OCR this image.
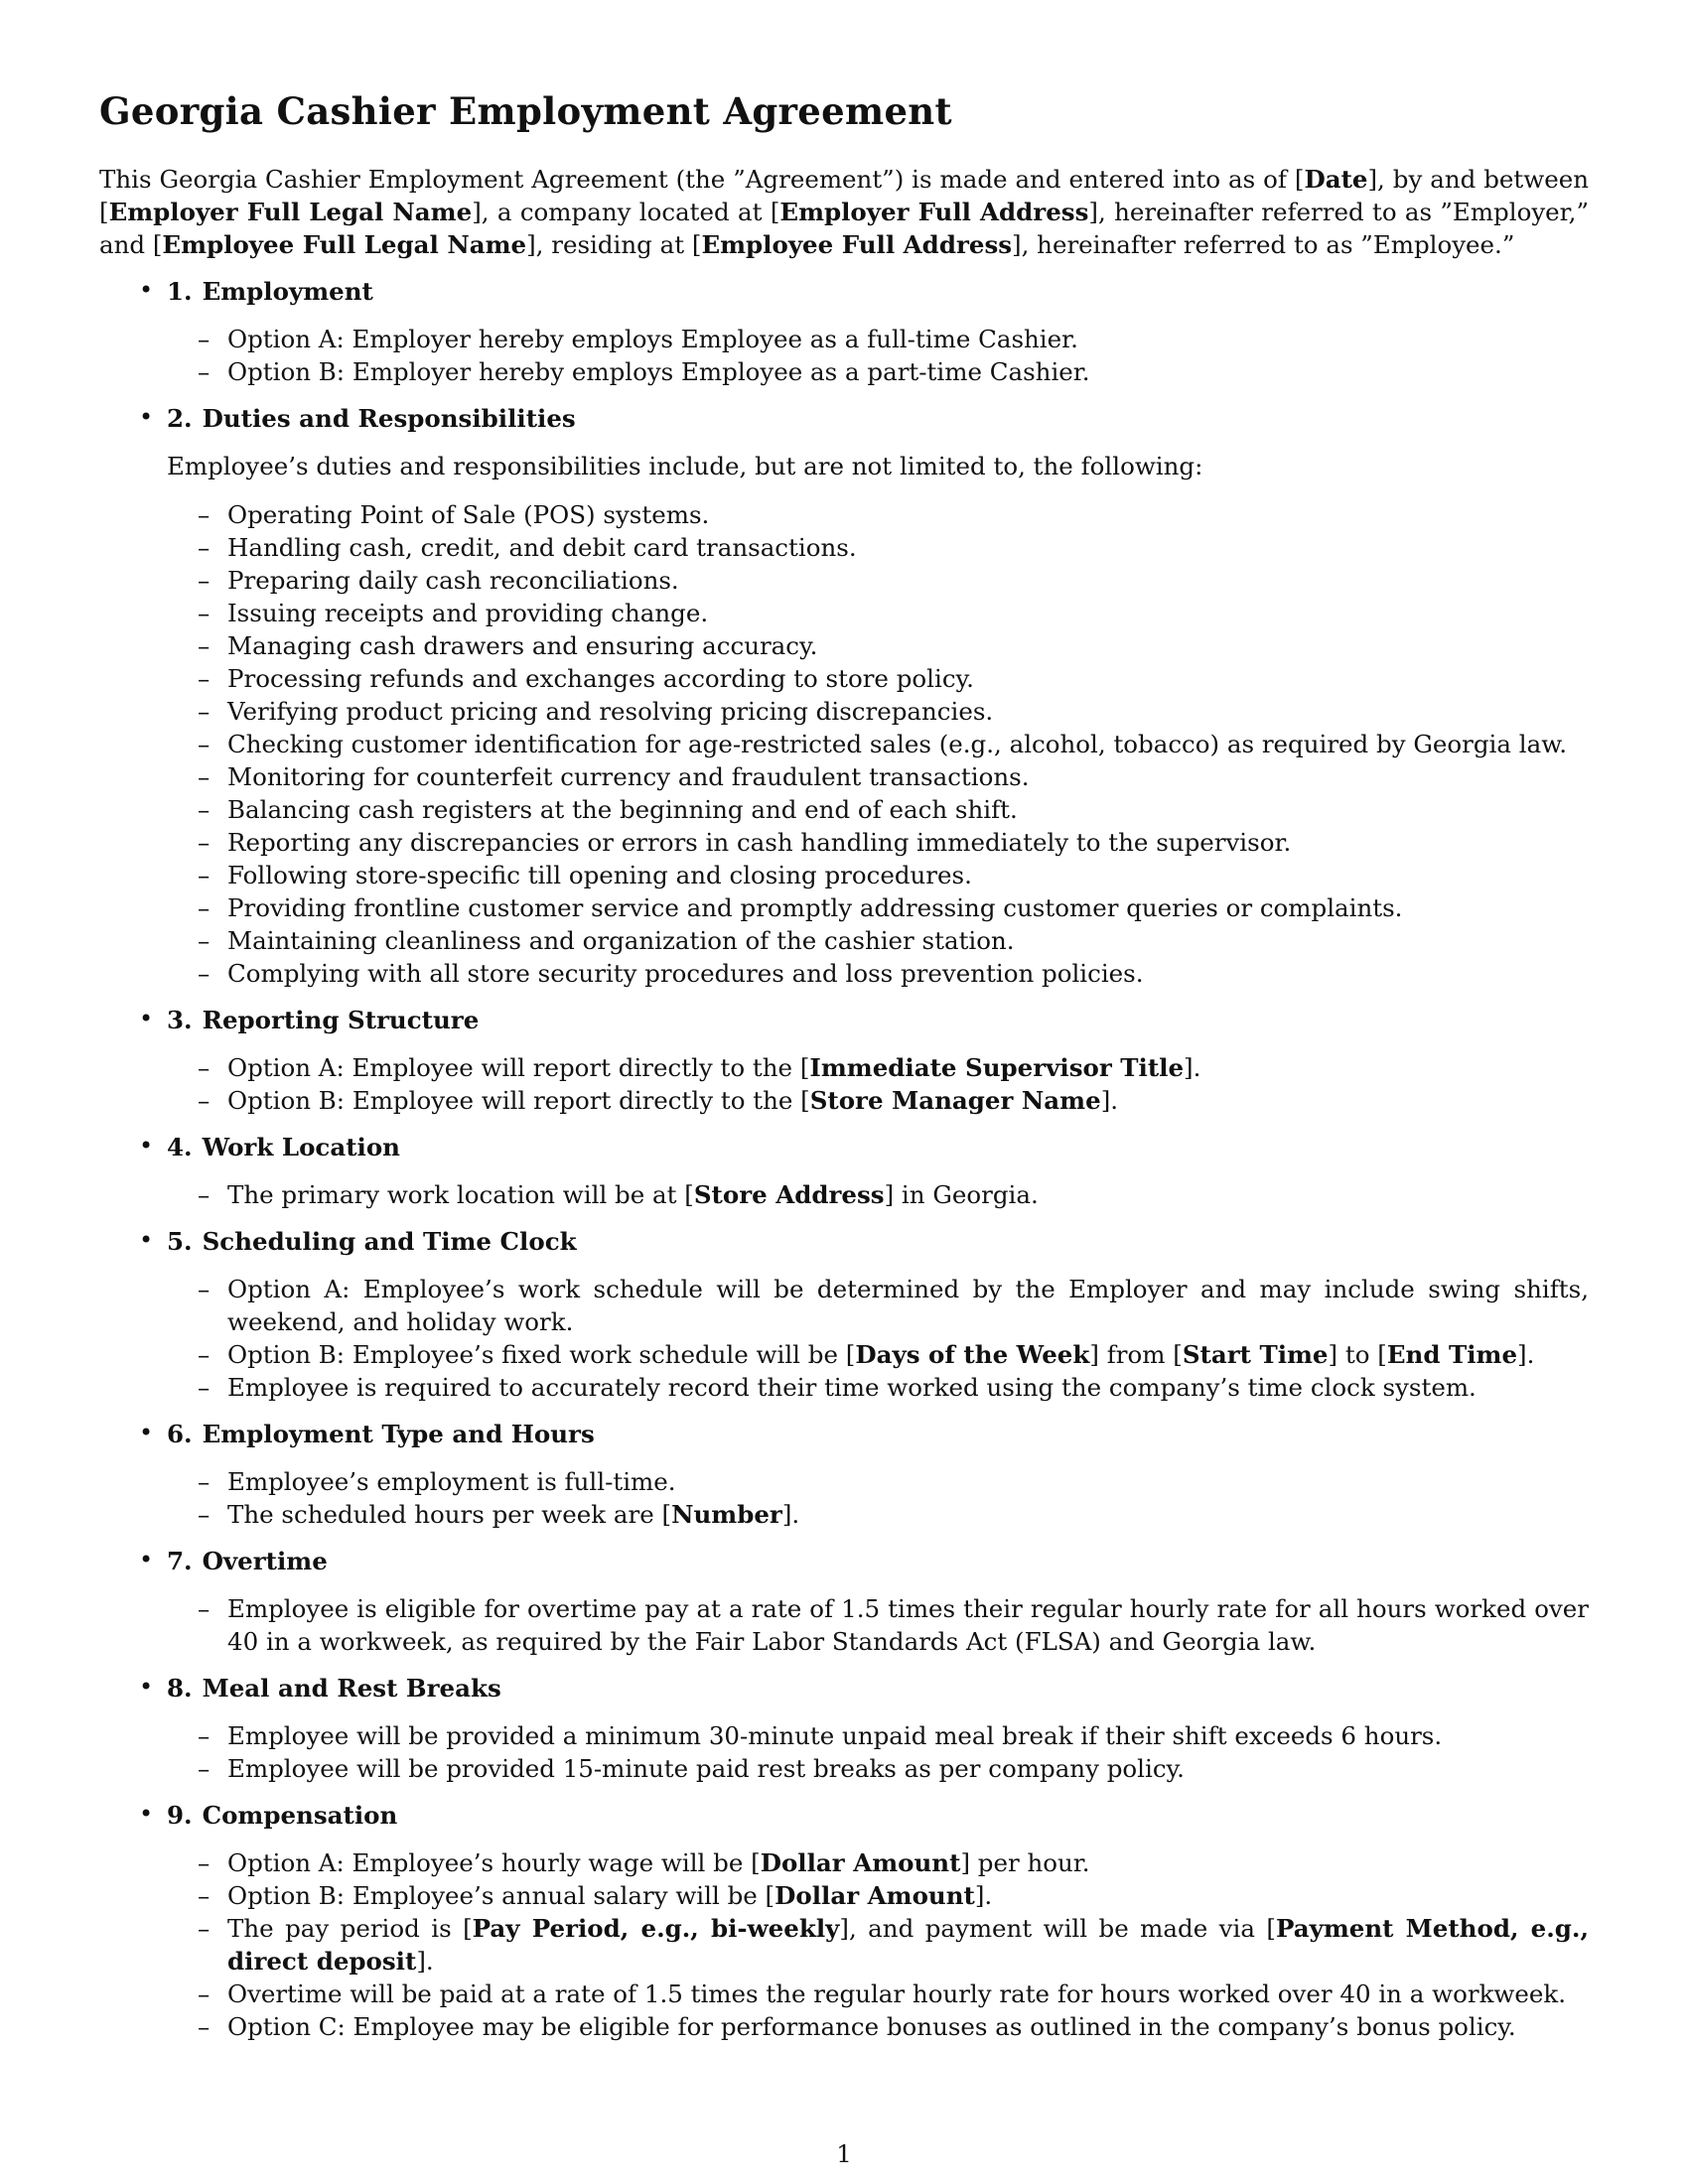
Georgia Cashier Employment Agreement

This Georgia Cashier Employment Agreement (the ”Agreement”) is made and entered into as of [Date], by and between [Employer Full Legal Name], a company located at [Employer Full Address], hereinafter referred to as ”Employer,” and [Employee Full Legal Name], residing at [Employee Full Address], hereinafter referred to as ”Employee.”

• 1. Employment
– Option A: Employer hereby employs Employee as a full-time Cashier.
– Option B: Employer hereby employs Employee as a part-time Cashier.
• 2. Duties and Responsibilities
Employee’s duties and responsibilities include, but are not limited to, the following:
– Operating Point of Sale (POS) systems.
– Handling cash, credit, and debit card transactions.
– Preparing daily cash reconciliations.
– Issuing receipts and providing change.
– Managing cash drawers and ensuring accuracy.
– Processing refunds and exchanges according to store policy.
– Verifying product pricing and resolving pricing discrepancies.
– Checking customer identification for age-restricted sales (e.g., alcohol, tobacco) as required by Georgia law.
– Monitoring for counterfeit currency and fraudulent transactions.
– Balancing cash registers at the beginning and end of each shift.
– Reporting any discrepancies or errors in cash handling immediately to the supervisor.
– Following store-specific till opening and closing procedures.
– Providing frontline customer service and promptly addressing customer queries or complaints.
– Maintaining cleanliness and organization of the cashier station.
– Complying with all store security procedures and loss prevention policies.
• 3. Reporting Structure
– Option A: Employee will report directly to the [Immediate Supervisor Title].
– Option B: Employee will report directly to the [Store Manager Name].
• 4. Work Location
– The primary work location will be at [Store Address] in Georgia.
• 5. Scheduling and Time Clock
– Option A: Employee’s work schedule will be determined by the Employer and may include swing shifts, weekend, and holiday work.
– Option B: Employee’s fixed work schedule will be [Days of the Week] from [Start Time] to [End Time].
– Employee is required to accurately record their time worked using the company’s time clock system.
• 6. Employment Type and Hours
– Employee’s employment is full-time.
– The scheduled hours per week are [Number].
• 7. Overtime
– Employee is eligible for overtime pay at a rate of 1.5 times their regular hourly rate for all hours worked over 40 in a workweek, as required by the Fair Labor Standards Act (FLSA) and Georgia law.
• 8. Meal and Rest Breaks
– Employee will be provided a minimum 30-minute unpaid meal break if their shift exceeds 6 hours.
– Employee will be provided 15-minute paid rest breaks as per company policy.
• 9. Compensation
– Option A: Employee’s hourly wage will be [Dollar Amount] per hour.
– Option B: Employee’s annual salary will be [Dollar Amount].
– The pay period is [Pay Period, e.g., bi-weekly], and payment will be made via [Payment Method, e.g., direct deposit].
– Overtime will be paid at a rate of 1.5 times the regular hourly rate for hours worked over 40 in a workweek.
– Option C: Employee may be eligible for performance bonuses as outlined in the company’s bonus policy.
1
